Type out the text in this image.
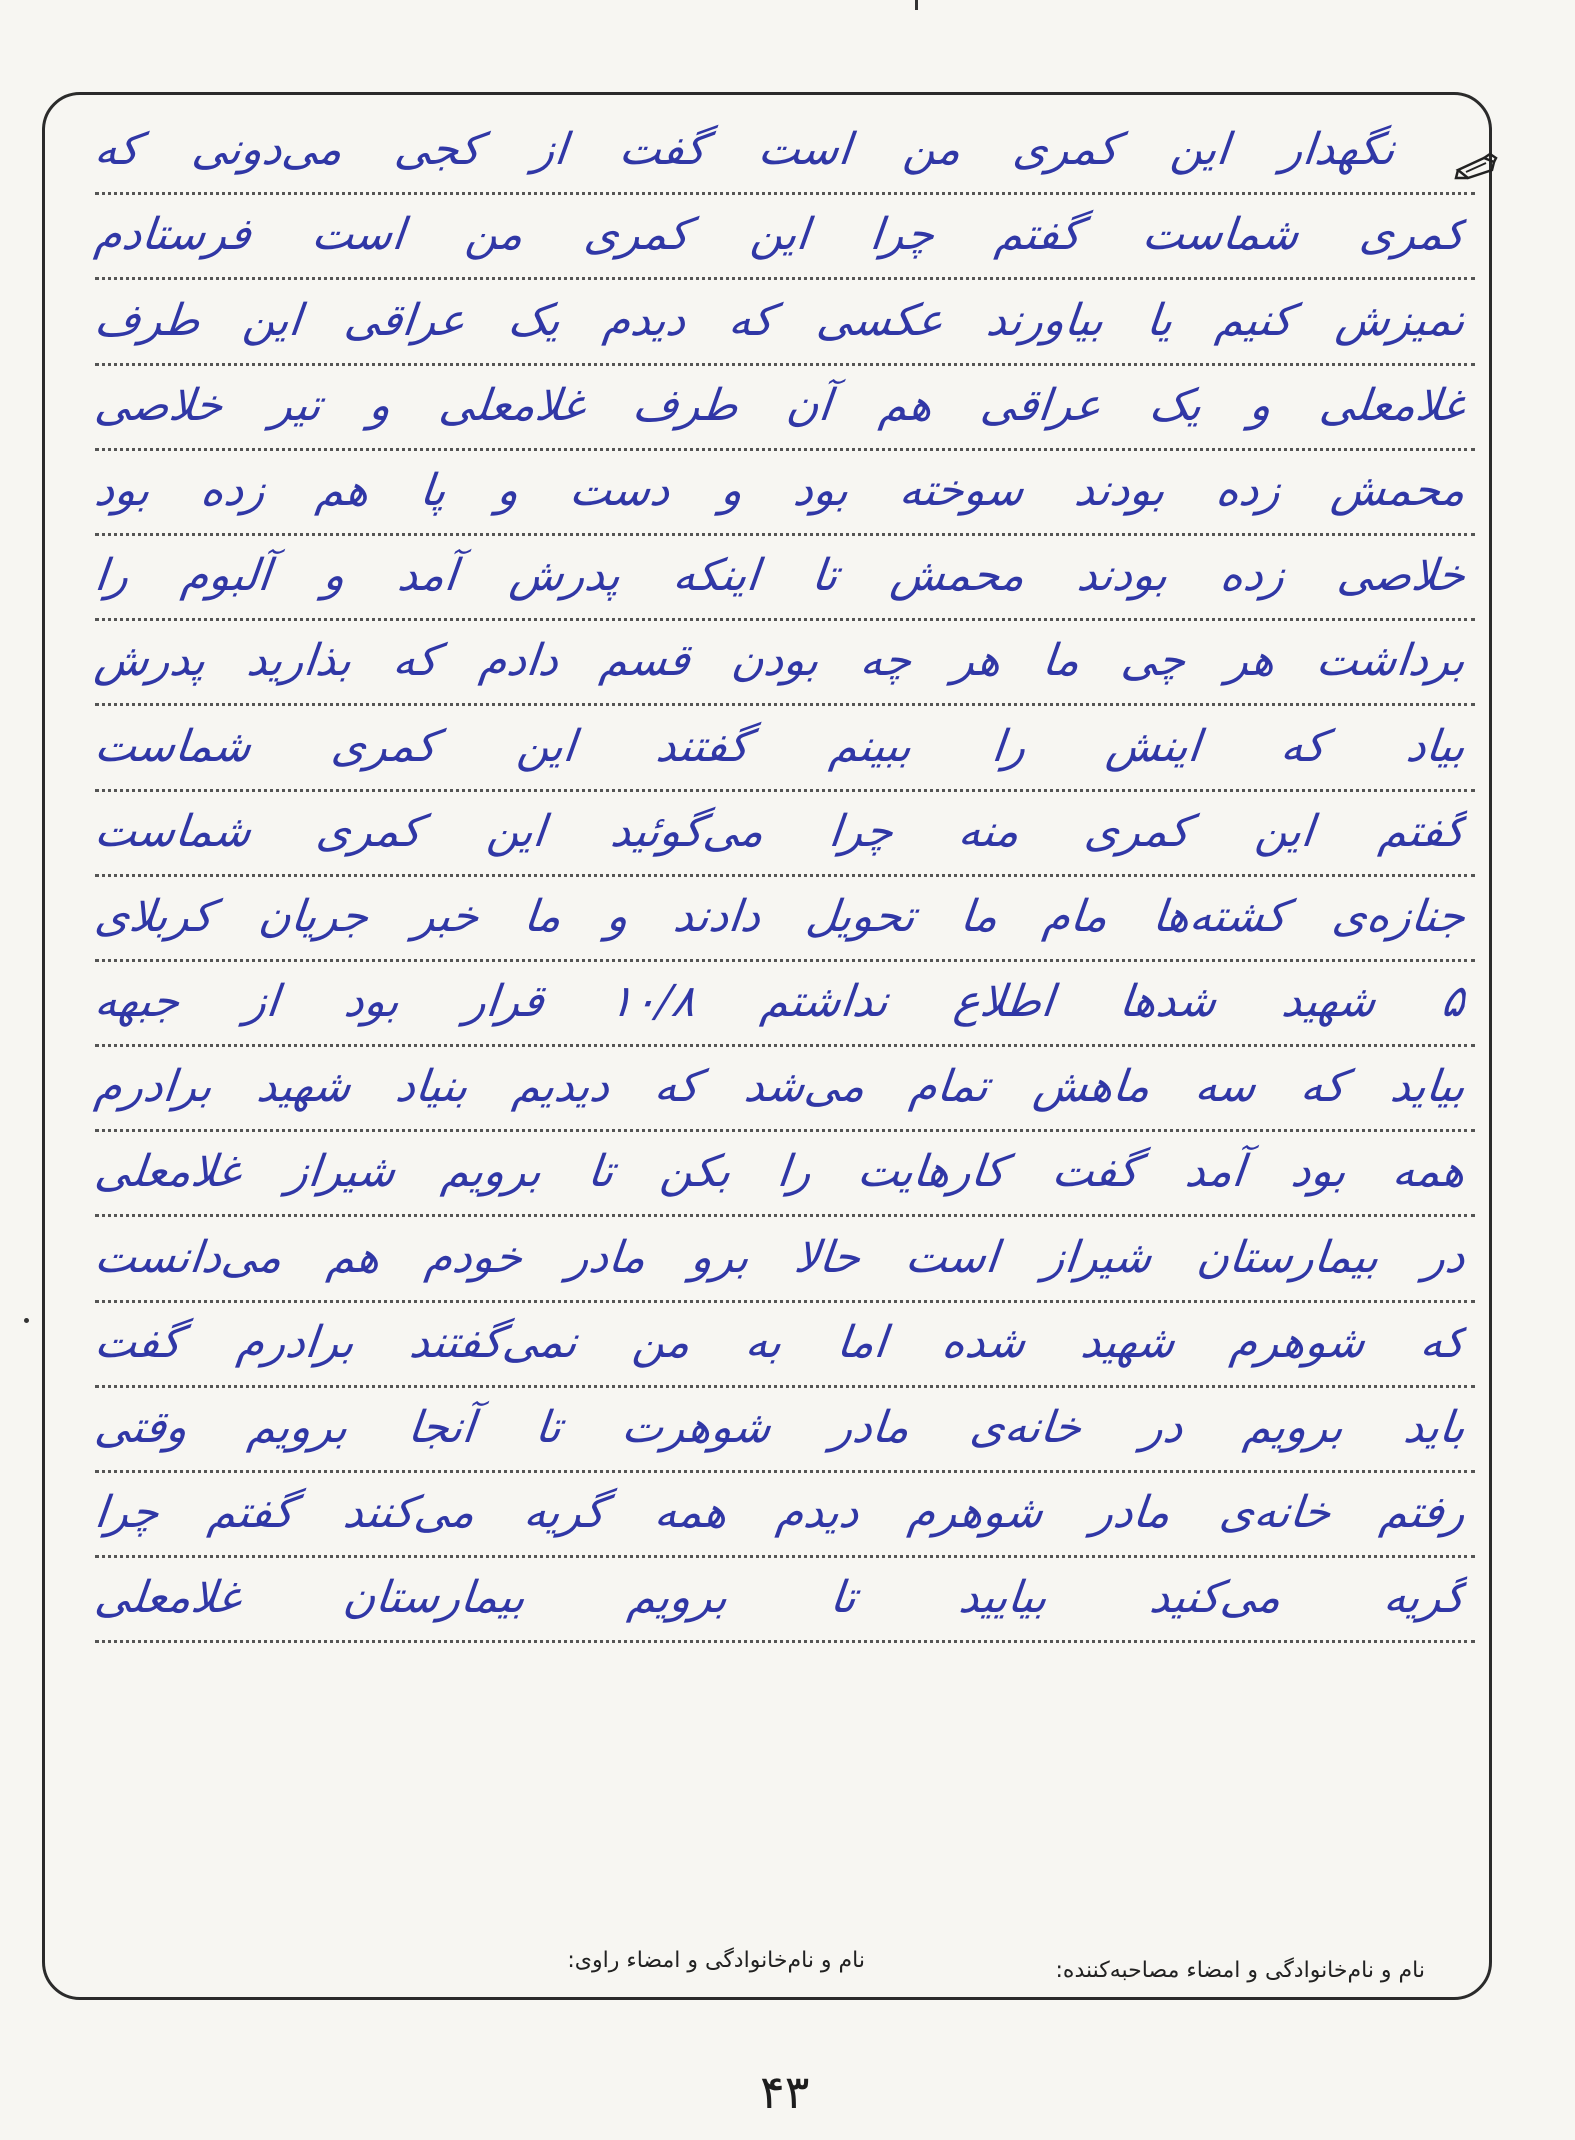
نگهدار این کمری من است گفت از کجی می‌دونی که
کمری شماست گفتم چرا این کمری من است فرستادم
تمیزش کنیم یا بیاورند عکسی که دیدم یک عراقی این طرف
غلامعلی و یک عراقی هم آن طرف غلامعلی و تیر خلاصی
محمش زده بودند سوخته بود و دست و پا هم زده بود
خلاصی زده بودند محمش تا اینکه پدرش آمد و آلبوم را
برداشت هر چی ما هر چه بودن قسم دادم که بذارید پدرش
بیاد که اینش را ببینم گفتند این کمری شماست
گفتم این کمری منه چرا می‌گوئید این کمری شماست
جنازه‌ی کشته‌ها مام ما تحویل دادند و ما خبر جریان کربلای
۵ شهید شدها اطلاع نداشتم ۱۰/۸ قرار بود از جبهه
بیاید که سه ماهش تمام می‌شد که دیدیم بنیاد شهید برادرم
همه بود آمد گفت کارهایت را بکن تا برویم شیراز غلامعلی
در بیمارستان شیراز است حالا برو مادر خودم هم می‌دانست
که شوهرم شهید شده اما به من نمی‌گفتند برادرم گفت
باید برویم در خانه‌ی مادر شوهرت تا آنجا برویم وقتی
رفتم خانه‌ی مادر شوهرم دیدم همه گریه می‌کنند گفتم چرا
گریه می‌کنید بیایید تا برویم بیمارستان غلامعلی
نام و نام‌خانوادگی و امضاء مصاحبه‌کننده:
نام و نام‌خانوادگی و امضاء راوی:
۴۳
